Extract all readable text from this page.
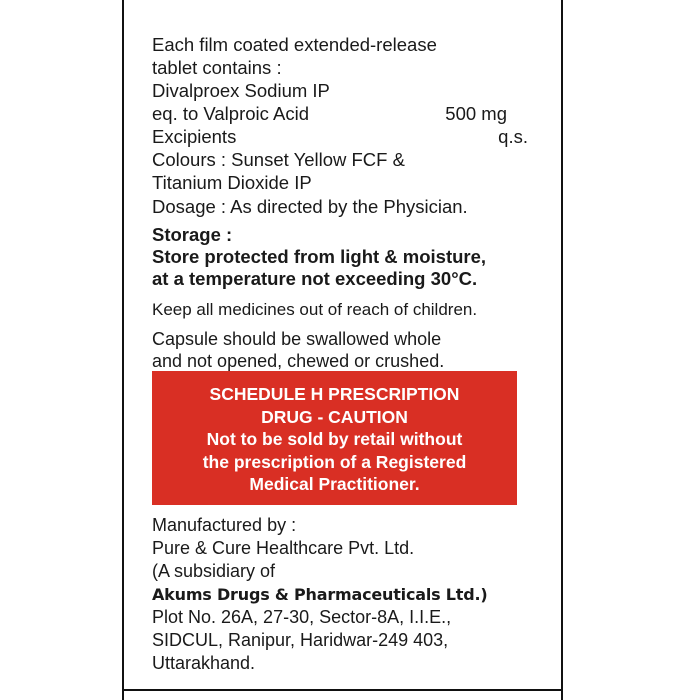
Each film coated extended-release
tablet contains :
Divalproex Sodium IP
eq. to Valproic Acid	500 mg
Excipients	q.s.
Colours : Sunset Yellow FCF &
Titanium Dioxide IP
Dosage : As directed by the Physician.
Storage :
Store protected from light & moisture,
at a temperature not exceeding 30°C.
Keep all medicines out of reach of children.
Capsule should be swallowed whole
and not opened, chewed or crushed.
SCHEDULE H PRESCRIPTION
DRUG - CAUTION
Not to be sold by retail without
the prescription of a Registered
Medical Practitioner.
Manufactured by :
Pure & Cure Healthcare Pvt. Ltd.
(A subsidiary of
Akums Drugs & Pharmaceuticals Ltd.)
Plot No. 26A, 27-30, Sector-8A, I.I.E.,
SIDCUL, Ranipur, Haridwar-249 403,
Uttarakhand.
